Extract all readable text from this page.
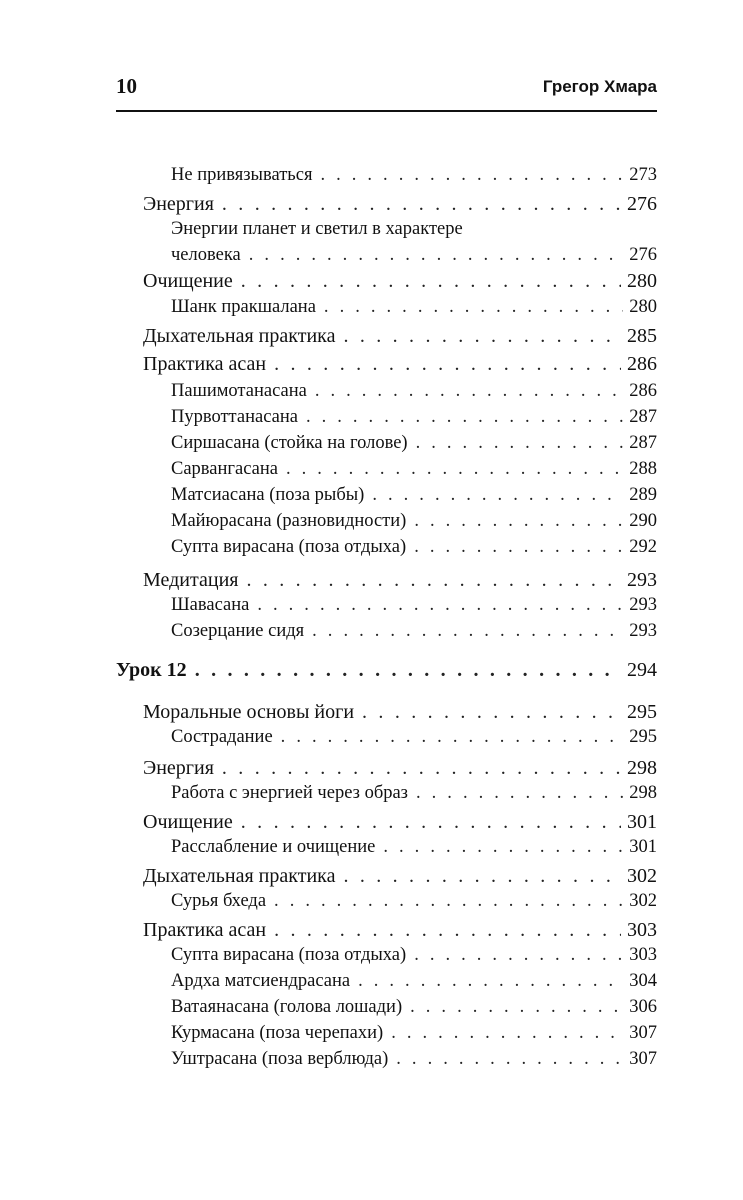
10	Грегор Хмара
Не привязываться . . .	273
Энергия . . .	276
Энергии планет и светил в характере
человека . . .	276
Очищение . . .	280
Шанк пракшалана . . .	280
Дыхательная практика . . .	285
Практика асан . . .	286
Пашимотанасана . . .	286
Пурвоттанасана . . .	287
Сиршасана (стойка на голове) . . .	287
Сарвангасана . . .	288
Матсиасана (поза рыбы) . . .	289
Майюрасана (разновидности) . . .	290
Супта вирасана (поза отдыха) . . .	292
Медитация . . .	293
Шавасана . . .	293
Созерцание сидя . . .	293
Урок 12 . . .	294
Моральные основы йоги . . .	295
Сострадание . . .	295
Энергия . . .	298
Работа с энергией через образ . . .	298
Очищение . . .	301
Расслабление и очищение . . .	301
Дыхательная практика . . .	302
Сурья бхеда . . .	302
Практика асан . . .	303
Супта вирасана (поза отдыха) . . .	303
Ардха матсиендрасана . . .	304
Ватаянасана (голова лошади) . . .	306
Курмасана (поза черепахи) . . .	307
Уштрасана (поза верблюда) . . .	307
